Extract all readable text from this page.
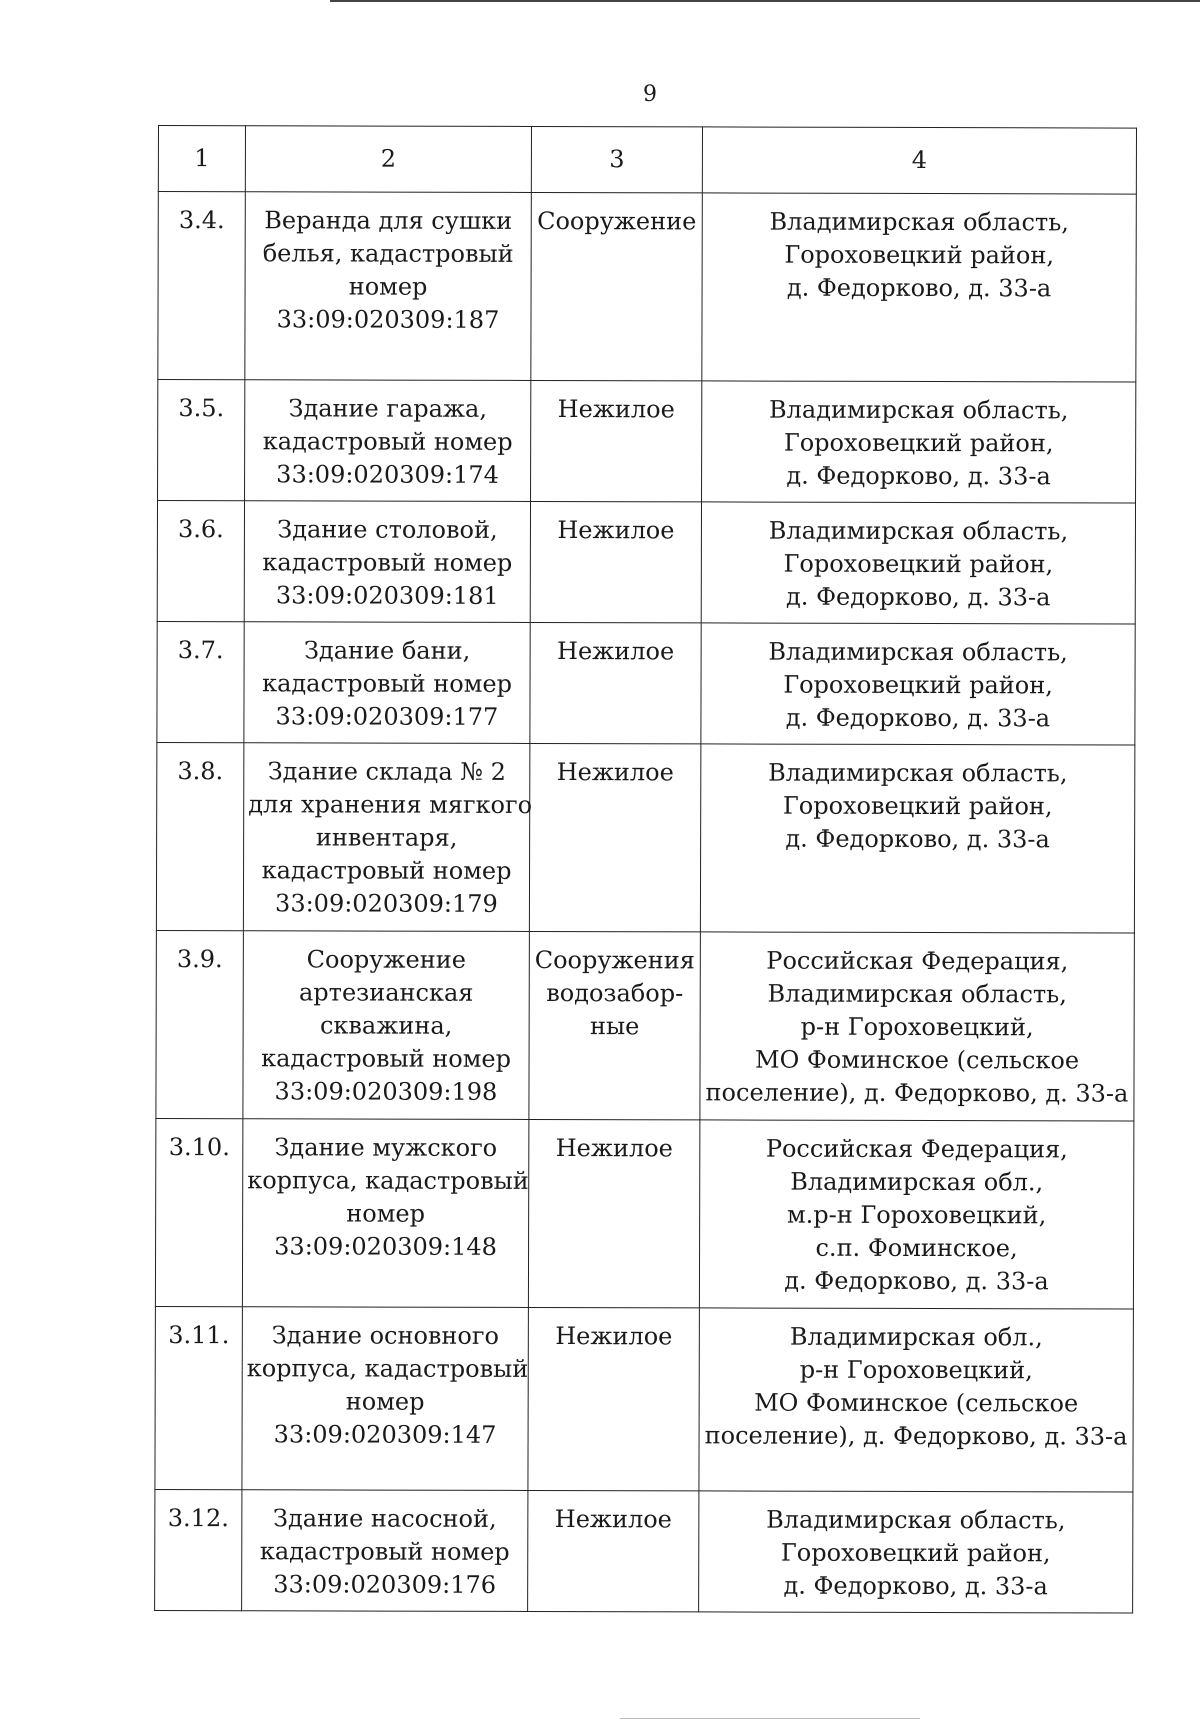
9
1	2	3	4
3.4.	Веранда для сушки
белья, кадастровый
номер
33:09:020309:187	Сооружение	Владимирская область,
Гороховецкий район,
д. Федорково, д. 33-а

3.5.	Здание гаража,
кадастровый номер
33:09:020309:174	Нежилое	Владимирская область,
Гороховецкий район,
д. Федорково, д. 33-а

3.6.	Здание столовой,
кадастровый номер
33:09:020309:181	Нежилое	Владимирская область,
Гороховецкий район,
д. Федорково, д. 33-а

3.7.	Здание бани,
кадастровый номер
33:09:020309:177	Нежилое	Владимирская область,
Гороховецкий район,
д. Федорково, д. 33-а

3.8.	Здание склада № 2
для хранения мягкого
инвентаря,
кадастровый номер
33:09:020309:179	Нежилое	Владимирская область,
Гороховецкий район,
д. Федорково, д. 33-а

3.9.	Сооружение
артезианская
скважина,
кадастровый номер
33:09:020309:198	Сооружения
водозабор-
ные	Российская Федерация,
Владимирская область,
р-н Гороховецкий,
МО Фоминское (сельское
поселение), д. Федорково, д. 33-а

3.10.	Здание мужского
корпуса, кадастровый
номер
33:09:020309:148	Нежилое	Российская Федерация,
Владимирская обл.,
м.р-н Гороховецкий,
с.п. Фоминское,
д. Федорково, д. 33-а

3.11.	Здание основного
корпуса, кадастровый
номер
33:09:020309:147	Нежилое	Владимирская обл.,
р-н Гороховецкий,
МО Фоминское (сельское
поселение), д. Федорково, д. 33-а

3.12.	Здание насосной,
кадастровый номер
33:09:020309:176	Нежилое	Владимирская область,
Гороховецкий район,
д. Федорково, д. 33-а
